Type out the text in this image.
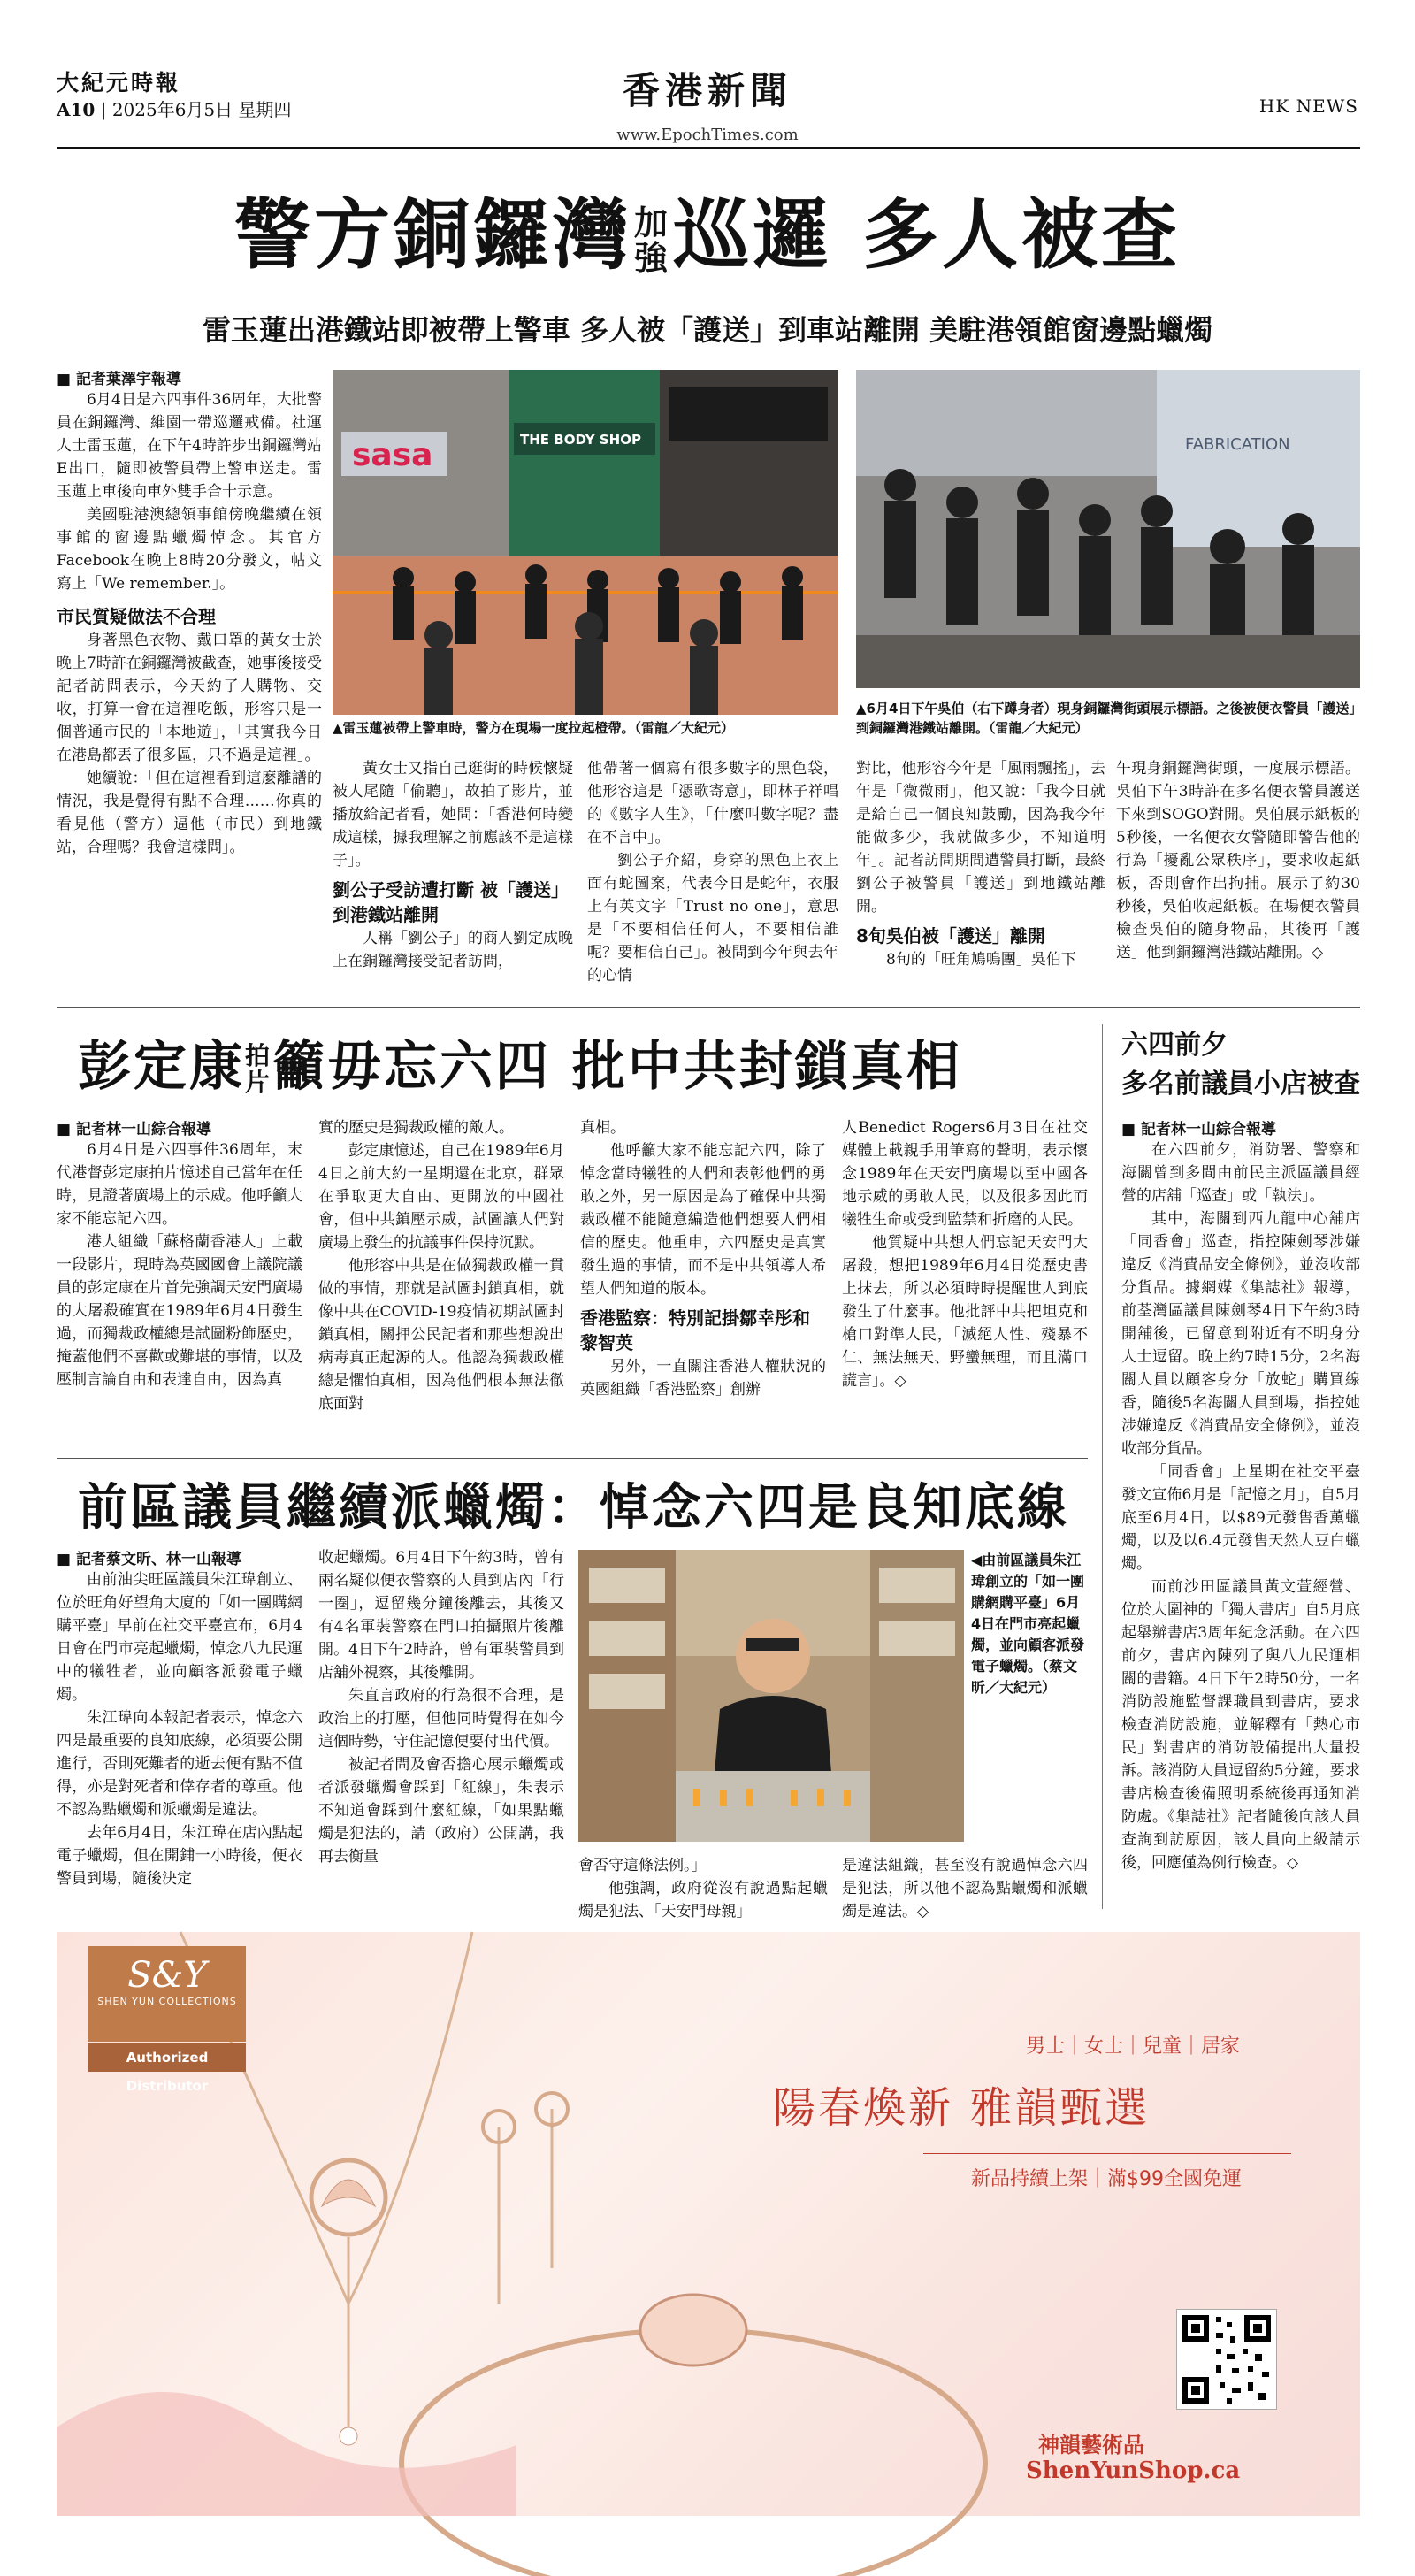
大紀元時報
A10 | 2025年6月5日 星期四	香港新聞
www.EpochTimes.com
HK NEWS
警方銅鑼灣 加
強 巡邏 多人被查
雷玉蓮出港鐵站即被帶上警車 多人被「護送」到車站離開 美駐港領館窗邊點蠟燭
■ 記者葉澤宇報導
6月4日是六四事件36周年，大批警員在銅鑼灣、維園一帶巡邏戒備。社運人士雷玉蓮，在下午4時許步出銅鑼灣站E出口，隨即被警員帶上警車送走。雷玉蓮上車後向車外雙手合十示意。
美國駐港澳總領事館傍晚繼續在領事館的窗邊點蠟燭悼念。其官方Facebook在晚上8時20分發文，帖文寫上「We remember.」。
市民質疑做法不合理
身著黑色衣物、戴口罩的黃女士於晚上7時許在銅鑼灣被截查，她事後接受記者訪問表示，今天約了人購物、交收，打算一會在這裡吃飯，形容只是一個普通市民的「本地遊」，「其實我今日在港島都丟了很多區，只不過是這裡」。
她續說：「但在這裡看到這麼離譜的情況，我是覺得有點不合理……你真的看見他（警方）逼他（市民）到地鐵站，合理嗎？我會這樣問」。
sasa	THE BODY SHOP
▲雷玉蓮被帶上警車時，警方在現場一度拉起橙帶。（雷龍／大紀元）
FABRICATION
▲6月4日下午吳伯（右下蹲身者）現身銅鑼灣街頭展示標語。之後被便衣警員「護送」到銅鑼灣港鐵站離開。（雷龍／大紀元）
黃女士又指自己逛街的時候懷疑被人尾隨「偷聽」，故拍了影片，並播放給記者看，她問：「香港何時變成這樣，據我理解之前應該不是這樣子」。
劉公子受訪遭打斷 被「護送」到港鐵站離開
人稱「劉公子」的商人劉定成晚上在銅鑼灣接受記者訪問，
他帶著一個寫有很多數字的黑色袋，他形容這是「憑歌寄意」，即林子祥唱的《數字人生》，「什麼叫數字呢？盡在不言中」。
劉公子介紹，身穿的黑色上衣上面有蛇圖案，代表今日是蛇年，衣服上有英文字「Trust no one」，意思是「不要相信任何人，不要相信誰呢？要相信自己」。被問到今年與去年的心情
對比，他形容今年是「風雨飄搖」，去年是「微微雨」，他又說：「我今日就是給自己一個良知鼓勵，因為我今年能做多少，我就做多少，不知道明年」。記者訪問期間遭警員打斷，最終劉公子被警員「護送」到地鐵站離開。
8旬吳伯被「護送」離開
8旬的「旺角鳩嗚團」吳伯下
午現身銅鑼灣街頭，一度展示標語。吳伯下午3時許在多名便衣警員護送下來到SOGO對開。吳伯展示紙板的5秒後，一名便衣女警隨即警告他的行為「擾亂公眾秩序」，要求收起紙板，否則會作出拘捕。展示了約30秒後，吳伯收起紙板。在場便衣警員檢查吳伯的隨身物品，其後再「護送」他到銅鑼灣港鐵站離開。◇
彭定康 拍
片 籲毋忘六四 批中共封鎖真相
■ 記者林一山綜合報導
6月4日是六四事件36周年，末代港督彭定康拍片憶述自己當年在任時，見證著廣場上的示威。他呼籲大家不能忘記六四。
港人組織「蘇格蘭香港人」上載一段影片，現時為英國國會上議院議員的彭定康在片首先強調天安門廣場的大屠殺確實在1989年6月4日發生過，而獨裁政權總是試圖粉飾歷史，掩蓋他們不喜歡或難堪的事情，以及壓制言論自由和表達自由，因為真
實的歷史是獨裁政權的敵人。
彭定康憶述，自己在1989年6月4日之前大約一星期還在北京，群眾在爭取更大自由、更開放的中國社會，但中共鎮壓示威，試圖讓人們對廣場上發生的抗議事件保持沉默。
他形容中共是在做獨裁政權一貫做的事情，那就是試圖封鎖真相，就像中共在COVID-19疫情初期試圖封鎖真相，關押公民記者和那些想說出病毒真正起源的人。他認為獨裁政權總是懼怕真相，因為他們根本無法徹底面對
真相。
他呼籲大家不能忘記六四，除了悼念當時犧牲的人們和表彰他們的勇敢之外，另一原因是為了確保中共獨裁政權不能隨意編造他們想要人們相信的歷史。他重申，六四歷史是真實發生過的事情，而不是中共領導人希望人們知道的版本。
香港監察：特別記掛鄒幸彤和黎智英
另外，一直關注香港人權狀況的英國組織「香港監察」創辦
人Benedict Rogers6月3日在社交媒體上載親手用筆寫的聲明，表示懷念1989年在天安門廣場以至中國各地示威的勇敢人民，以及很多因此而犧牲生命或受到監禁和折磨的人民。
他質疑中共想人們忘記天安門大屠殺，想把1989年6月4日從歷史書上抹去，所以必須時時提醒世人到底發生了什麼事。他批評中共把坦克和槍口對準人民，「滅絕人性、殘暴不仁、無法無天、野蠻無理，而且滿口謊言」。◇
前區議員繼續派蠟燭：悼念六四是良知底線
■ 記者蔡文昕、林一山報導
由前油尖旺區議員朱江瑋創立、位於旺角好望角大廈的「如一團購網購平臺」早前在社交平臺宣布，6月4日會在門市亮起蠟燭，悼念八九民運中的犧牲者，並向顧客派發電子蠟燭。
朱江瑋向本報記者表示，悼念六四是最重要的良知底線，必須要公開進行，否則死難者的逝去便有點不值得，亦是對死者和倖存者的尊重。他不認為點蠟燭和派蠟燭是違法。
去年6月4日，朱江瑋在店內點起電子蠟燭，但在開鋪一小時後，便衣警員到場，隨後決定
收起蠟燭。6月4日下午約3時，曾有兩名疑似便衣警察的人員到店內「行一圈」，逗留幾分鐘後離去，其後又有4名軍裝警察在門口拍攝照片後離開。4日下午2時許，曾有軍裝警員到店舖外視察，其後離開。
朱直言政府的行為很不合理，是政治上的打壓，但他同時覺得在如今這個時勢，守住記憶便要付出代價。
被記者問及會否擔心展示蠟燭或者派發蠟燭會踩到「紅線」，朱表示不知道會踩到什麼紅線，「如果點蠟燭是犯法的，請（政府）公開講，我再去衡量
◀由前區議員朱江瑋創立的「如一團購網購平臺」6月4日在門市亮起蠟燭，並向顧客派發電子蠟燭。（蔡文昕／大紀元）
會否守這條法例。」
他強調，政府從沒有說過點起蠟燭是犯法、「天安門母親」
是違法組織，甚至沒有說過悼念六四是犯法，所以他不認為點蠟燭和派蠟燭是違法。◇
六四前夕
多名前議員小店被查
■ 記者林一山綜合報導
在六四前夕，消防署、警察和海關曾到多間由前民主派區議員經營的店舖「巡查」或「執法」。
其中，海關到西九龍中心舖店「同香會」巡查，指控陳劍琴涉嫌違反《消費品安全條例》，並沒收部分貨品。據網媒《集誌社》報導，前荃灣區議員陳劍琴4日下午約3時開舖後，已留意到附近有不明身分人士逗留。晚上約7時15分，2名海關人員以顧客身分「放蛇」購買線香，隨後5名海關人員到場，指控她涉嫌違反《消費品安全條例》，並沒收部分貨品。
「同香會」上星期在社交平臺發文宣佈6月是「記憶之月」，自5月底至6月4日，以$89元發售香薰蠟燭，以及以6.4元發售天然大豆白蠟燭。
而前沙田區議員黃文萱經營、位於大圍神的「獨人書店」自5月底起舉辦書店3周年紀念活動。在六四前夕，書店內陳列了與八九民運相關的書籍。4日下午2時50分，一名消防設施監督課職員到書店，要求檢查消防設施，並解釋有「熱心市民」對書店的消防設備提出大量投訴。該消防人員逗留約5分鐘，要求書店檢查後備照明系統後再通知消防處。《集誌社》記者隨後向該人員查詢到訪原因，該人員向上級請示後，回應僅為例行檢查。◇
S&Y
SHEN YUN COLLECTIONS
Authorized Distributor
男士｜女士｜兒童｜居家
陽春煥新 雅韻甄選
新品持續上架｜滿$99全國免運
神韻藝術品
ShenYunShop.ca
